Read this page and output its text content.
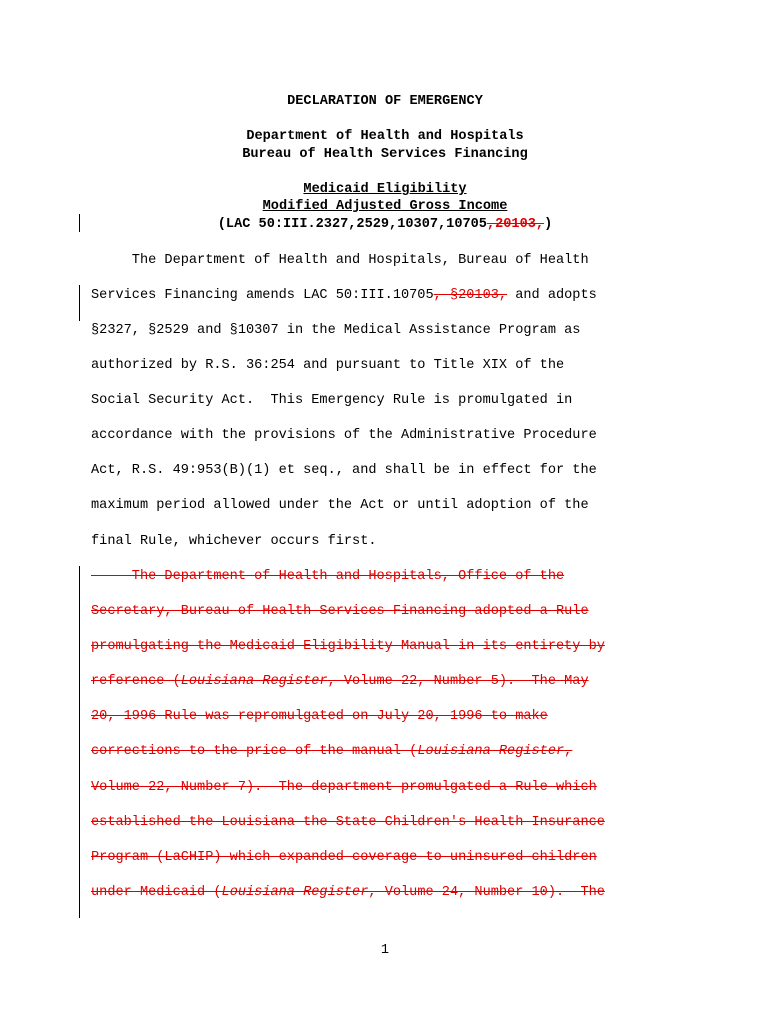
DECLARATION OF EMERGENCY
Department of Health and Hospitals
Bureau of Health Services Financing
Medicaid Eligibility
Modified Adjusted Gross Income
(LAC 50:III.2327,2529,10307,10705,20103,)
The Department of Health and Hospitals, Bureau of Health
Services Financing amends LAC 50:III.10705, §20103, and adopts
§2327, §2529 and §10307 in the Medical Assistance Program as
authorized by R.S. 36:254 and pursuant to Title XIX of the
Social Security Act.  This Emergency Rule is promulgated in
accordance with the provisions of the Administrative Procedure
Act, R.S. 49:953(B)(1) et seq., and shall be in effect for the
maximum period allowed under the Act or until adoption of the
final Rule, whichever occurs first.
The Department of Health and Hospitals, Office of the
Secretary, Bureau of Health Services Financing adopted a Rule
promulgating the Medicaid Eligibility Manual in its entirety by
reference (Louisiana Register, Volume 22, Number 5).  The May
20, 1996 Rule was repromulgated on July 20, 1996 to make
corrections to the price of the manual (Louisiana Register,
Volume 22, Number 7).  The department promulgated a Rule which
established the Louisiana the State Children's Health Insurance
Program (LaCHIP) which expanded coverage to uninsured children
under Medicaid (Louisiana Register, Volume 24, Number 10).  The
1
